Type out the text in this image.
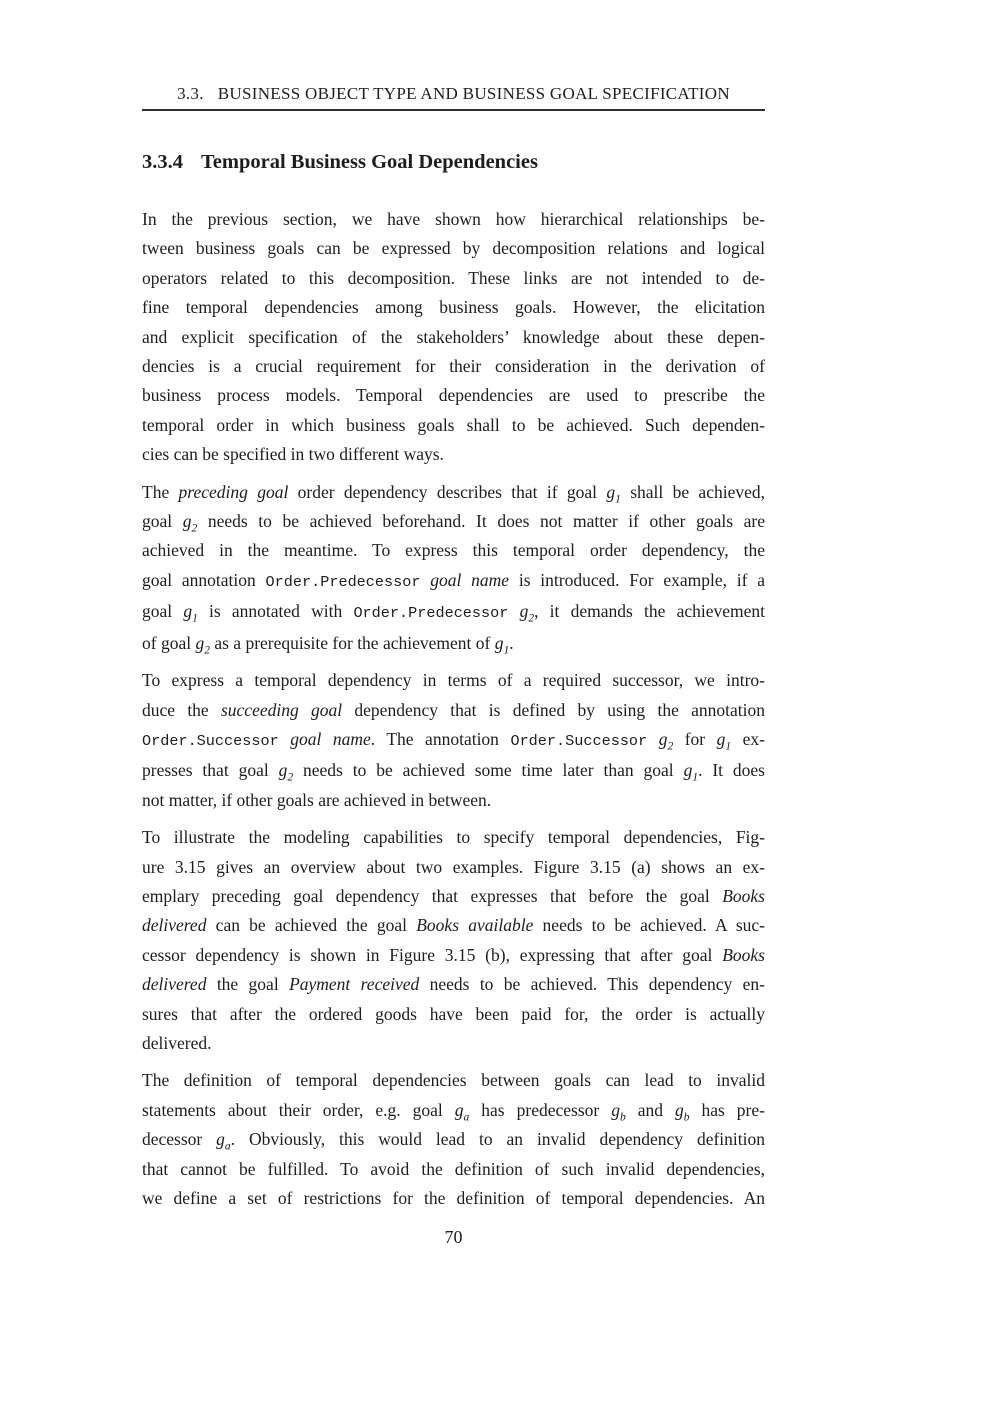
3.3. BUSINESS OBJECT TYPE AND BUSINESS GOAL SPECIFICATION
3.3.4 Temporal Business Goal Dependencies
In the previous section, we have shown how hierarchical relationships be-
tween business goals can be expressed by decomposition relations and logical
operators related to this decomposition. These links are not intended to de-
fine temporal dependencies among business goals. However, the elicitation
and explicit specification of the stakeholders’ knowledge about these depen-
dencies is a crucial requirement for their consideration in the derivation of
business process models. Temporal dependencies are used to prescribe the
temporal order in which business goals shall to be achieved. Such dependen-
cies can be specified in two different ways.
The preceding goal order dependency describes that if goal $g_1$ shall be achieved,
goal $g_2$ needs to be achieved beforehand. It does not matter if other goals are
achieved in the meantime. To express this temporal order dependency, the
goal annotation Order.Predecessor goal name is introduced. For example, if a
goal $g_1$ is annotated with Order.Predecessor $g_2$, it demands the achievement
of goal $g_2$ as a prerequisite for the achievement of $g_1$.
To express a temporal dependency in terms of a required successor, we intro-
duce the succeeding goal dependency that is defined by using the annotation
Order.Successor goal name. The annotation Order.Successor $g_2$ for $g_1$ ex-
presses that goal $g_2$ needs to be achieved some time later than goal $g_1$. It does
not matter, if other goals are achieved in between.
To illustrate the modeling capabilities to specify temporal dependencies, Fig-
ure 3.15 gives an overview about two examples. Figure 3.15 (a) shows an ex-
emplary preceding goal dependency that expresses that before the goal Books
delivered can be achieved the goal Books available needs to be achieved. A suc-
cessor dependency is shown in Figure 3.15 (b), expressing that after goal Books
delivered the goal Payment received needs to be achieved. This dependency en-
sures that after the ordered goods have been paid for, the order is actually
delivered.
The definition of temporal dependencies between goals can lead to invalid
statements about their order, e.g. goal $g_a$ has predecessor $g_b$ and $g_b$ has pre-
decessor $g_a$. Obviously, this would lead to an invalid dependency definition
that cannot be fulfilled. To avoid the definition of such invalid dependencies,
we define a set of restrictions for the definition of temporal dependencies. An
70
